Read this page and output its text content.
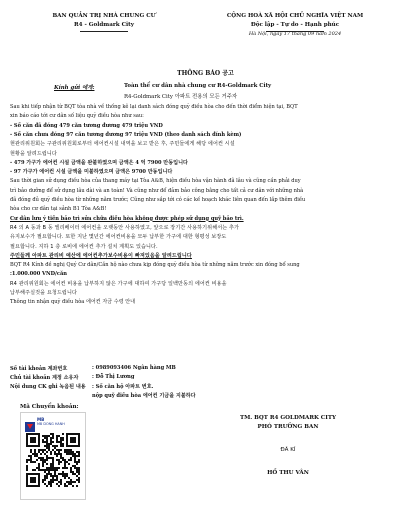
BAN QUẢN TRỊ NHÀ CHUNG CƯ
R4 - Goldmark City
CỘNG HOÀ XÃ HỘI CHỦ NGHĨA VIỆT NAM
Độc lập - Tự do - Hạnh phúc
Hà Nội, ngày 17 tháng 09 năm 2024
THÔNG BÁO 공고
Kính gửi 에게:	Toàn thể cư dân nhà chung cư R4-Goldmark City
R4-Goldmark City 아파트 전용의 모든 거주자
Sau khi tiếp nhận từ BQT tòa nhà về thống kê lại danh sách đóng quỹ điều hòa cho đến thời điểm hiện tại, BQT
xin báo cáo tới cư dân số liệu quỹ điều hòa như sau:
- Số căn đã đóng 479 căn tương đương 479 triệu VND
- Số căn chưa đóng 97 căn tương đương 97 triệu VND (theo danh sách đính kèm)
현관리위원회는 구관리위원회로부터 에어컨시설 내역을 보고 받은 후, 주민들에게 해당 에어컨 시설
현황을 알려드립니다
- 479 가구가 에어컨 시설 금액을 완불하였으며 금액은 4 억 7900 만동입니다
- 97 가구가 에어컨 시설 금액을 미불하였으며 금액은 9700 만동입니다
Sau thời gian sử dụng điều hòa của thang máy tại Tòa A&B, hiện điều hòa vận hành đã lâu và cũng cần phải duy
trì bảo dưỡng để sử dụng lâu dài và an toàn! Và cũng như để đảm bảo công bằng cho tất cả cư dân với những nhà
đã đóng đủ quỹ điều hòa từ những năm trước; Cũng như sắp tới có các kế hoạch khác liên quan đến lắp thêm điều
hòa cho cư dân tại sảnh B1 Tòa A&B!
Cư dân lưu ý tiền bảo trì sửa chữa điều hòa không được phép sử dụng quỹ bảo trì.
R4 의 A 동과 B 동 엘리베이터 에어컨을 오랫동안 사용하였고, 앞으로 장기간 사용하기위해서는 추가
유지보수가 필요합니다. 또한 지난 몇년간 에어컨비용을 모두 납부한 가구에 대한 형평성 보장도
필요합니다. 지하 1 층 로비에 에어컨 추가 설치 계획도 있습니다.
주민들께 아파트 관리비 예산에 에어컨추가보수비용이 빠져있음을 알려드립니다
BQT R4 Kính đề nghị Quý Cư dân/Căn hộ nào chưa kịp đóng quỹ điều hòa từ những năm trước xin đóng bổ sung
:1.000.000 VND/căn
R4 관리위원회는 에어컨 비용을 납부하지 않은 가구에 대하여 가구당 일백만동의 에어컨 비용을
납부해주실것을 요청드립니다
Thông tin nhận quỹ điều hòa 에어컨 자금 수령 안내
Số tài khoản 계좌번호	: 0989093406 Ngân hàng MB
Chủ tài khoản 계정 소유자	: Đỗ Thị Lương
Nội dung CK ghi 녹음된 내용 : Số căn hộ 아파트 번호.
nộp quỹ điều hòa 에어컨 기금을 지불하다
Mã Chuyển khoản:
MB
MB DONG HANH
TM. BQT R4 GOLDMARK CITY
PHÓ TRƯỞNG BAN
ĐÃ KÍ
HỒ THU VÂN
